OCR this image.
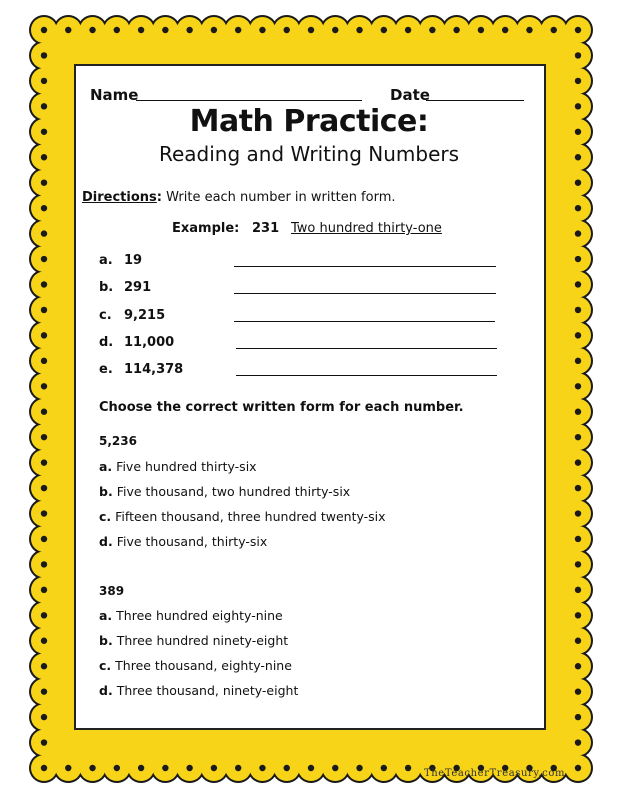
Name	Date
Math Practice:
Reading and Writing Numbers
Directions: Write each number in written form.
Example: 231 Two hundred thirty-one
a. 19
b. 291
c. 9,215
d. 11,000
e. 114,378
Choose the correct written form for each number.
5,236
a. Five hundred thirty-six
b. Five thousand, two hundred thirty-six
c. Fifteen thousand, three hundred twenty-six
d. Five thousand, thirty-six
389
a. Three hundred eighty-nine
b. Three hundred ninety-eight
c. Three thousand, eighty-nine
d. Three thousand, ninety-eight
TheTeacherTreasury.com
